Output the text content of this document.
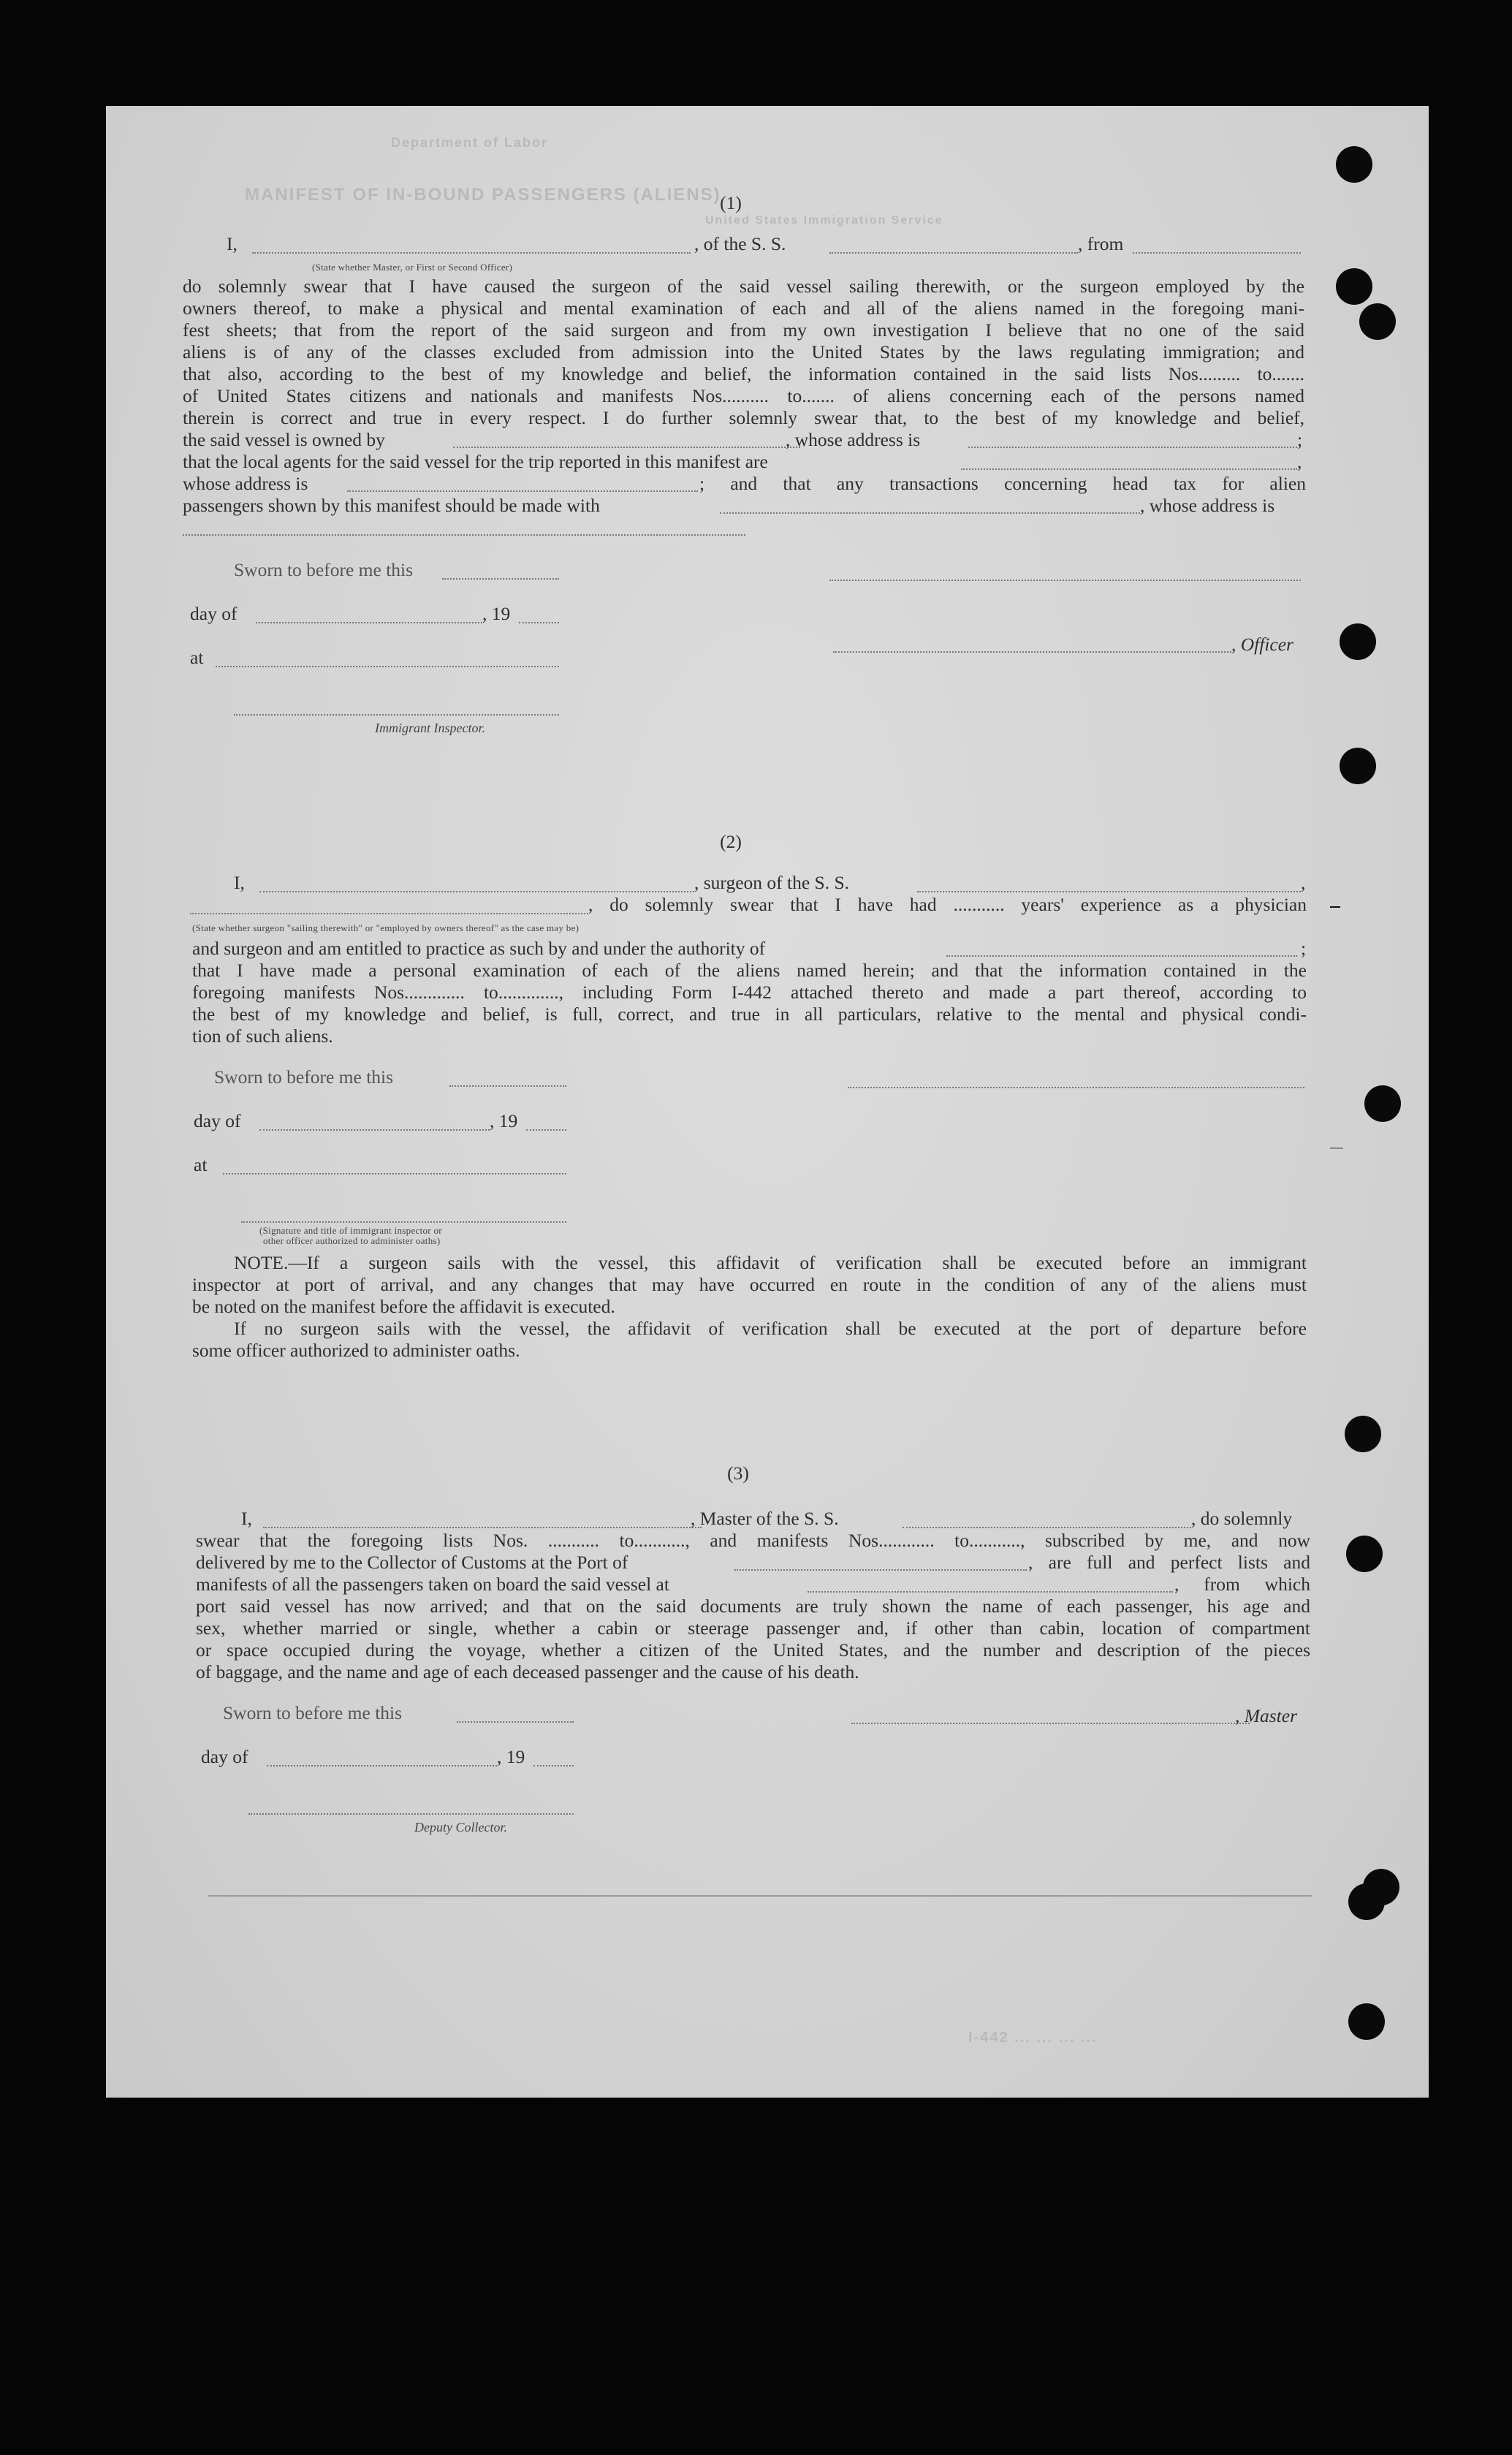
Department of Labor
MANIFEST OF IN-BOUND PASSENGERS (ALIENS)
United States Immigration Service
(1)
I,	, of the S. S.	, from
(State whether Master, or First or Second Officer)
do solemnly swear that I have caused the surgeon of the said vessel sailing therewith, or the surgeon employed by the
owners thereof, to make a physical and mental examination of each and all of the aliens named in the foregoing mani-
fest sheets; that from the report of the said surgeon and from my own investigation I believe that no one of the said
aliens is of any of the classes excluded from admission into the United States by the laws regulating immigration; and
that also, according to the best of my knowledge and belief, the information contained in the said lists Nos......... to.......
of United States citizens and nationals and manifests Nos.......... to....... of aliens concerning each of the persons named
therein is correct and true in every respect. I do further solemnly swear that, to the best of my knowledge and belief,
the said vessel is owned by	, whose address is	;
that the local agents for the said vessel for the trip reported in this manifest are	,
whose address is	; and that any transactions concerning head tax for alien
passengers shown by this manifest should be made with	, whose address is
Sworn to before me this
day of	, 19
, Officer
at
Immigrant Inspector.
(2)
I,	, surgeon of the S. S.	,
, do solemnly swear that I have had ........... years' experience as a physician
(State whether surgeon "sailing therewith" or "employed by owners thereof" as the case may be)
and surgeon and am entitled to practice as such by and under the authority of	;
that I have made a personal examination of each of the aliens named herein; and that the information contained in the
foregoing manifests Nos............. to............., including Form I-442 attached thereto and made a part thereof, according to
the best of my knowledge and belief, is full, correct, and true in all particulars, relative to the mental and physical condi-
tion of such aliens.
Sworn to before me this
day of	, 19
at
(Signature and title of immigrant inspector or
other officer authorized to administer oaths)
NOTE.—If a surgeon sails with the vessel, this affidavit of verification shall be executed before an immigrant
inspector at port of arrival, and any changes that may have occurred en route in the condition of any of the aliens must
be noted on the manifest before the affidavit is executed.
If no surgeon sails with the vessel, the affidavit of verification shall be executed at the port of departure before
some officer authorized to administer oaths.
(3)
I,	, Master of the S. S.	, do solemnly
swear that the foregoing lists Nos. ........... to..........., and manifests Nos............ to..........., subscribed by me, and now
delivered by me to the Collector of Customs at the Port of	, are full and perfect lists and
manifests of all the passengers taken on board the said vessel at	, from which
port said vessel has now arrived; and that on the said documents are truly shown the name of each passenger, his age and
sex, whether married or single, whether a cabin or steerage passenger and, if other than cabin, location of compartment
or space occupied during the voyage, whether a citizen of the United States, and the number and description of the pieces
of baggage, and the name and age of each deceased passenger and the cause of his death.
Sworn to before me this	, Master
day of	, 19
Deputy Collector.
I-442 ... ... ... ...
